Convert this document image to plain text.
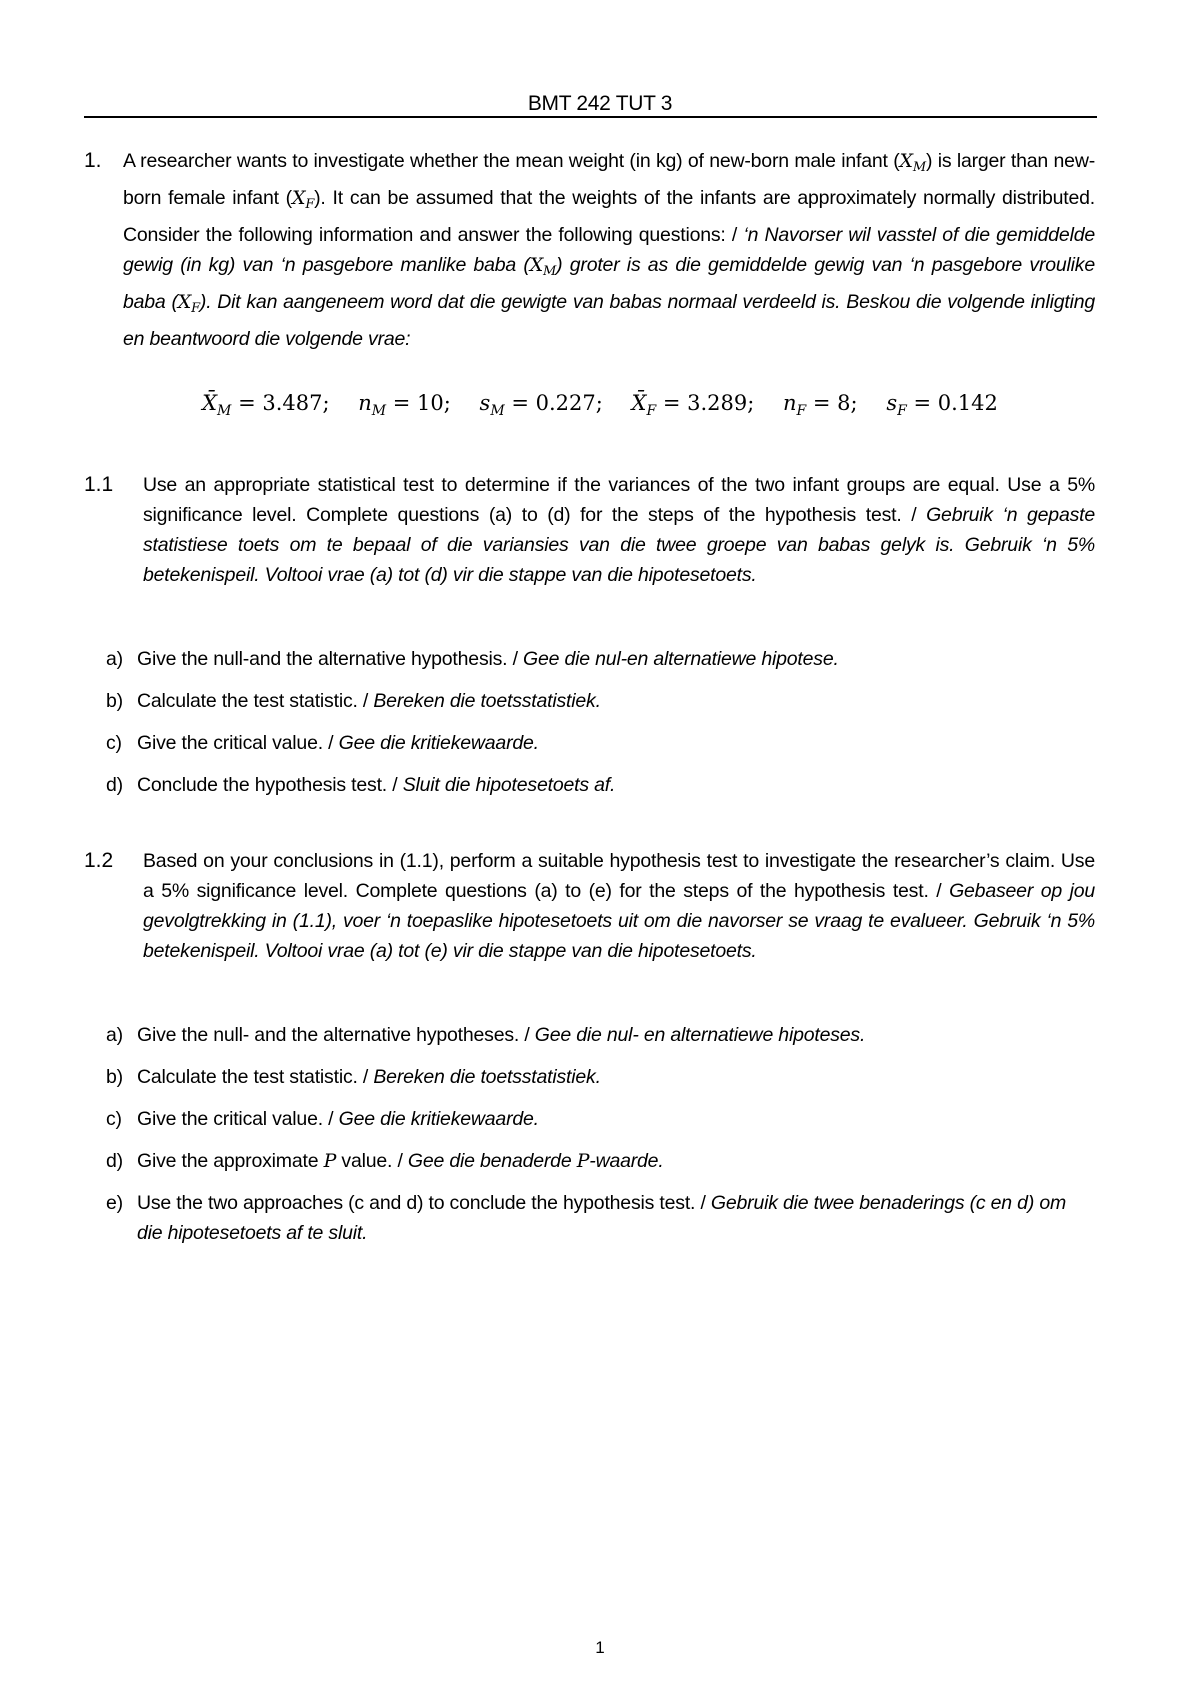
BMT 242 TUT 3
1. A researcher wants to investigate whether the mean weight (in kg) of new-born male infant $(X_M)$ is larger than new-born female infant $(X_F)$. It can be assumed that the weights of the infants are approximately normally distributed. Consider the following information and answer the following questions: / ‘n Navorser wil vasstel of die gemiddelde gewig (in kg) van ‘n pasgebore manlike baba $(X_M)$ groter is as die gemiddelde gewig van ‘n pasgebore vroulike baba $(X_F)$. Dit kan aangeneem word dat die gewigte van babas normaal verdeeld is. Beskou die volgende inligting en beantwoord die volgende vrae:
$X̄_M = 3.487$; $n_M = 10$; $s_M = 0.227$; $X̄_F = 3.289$; $n_F = 8$; $s_F = 0.142$
1.1 Use an appropriate statistical test to determine if the variances of the two infant groups are equal. Use a 5% significance level. Complete questions (a) to (d) for the steps of the hypothesis test. / Gebruik ‘n gepaste statistiese toets om te bepaal of die variansies van die twee groepe van babas gelyk is. Gebruik ‘n 5% betekenispeil. Voltooi vrae (a) tot (d) vir die stappe van die hipotesetoets.
a) Give the null-and the alternative hypothesis. / Gee die nul-en alternatiewe hipotese.
b) Calculate the test statistic. / Bereken die toetsstatistiek.
c) Give the critical value. / Gee die kritiekewaarde.
d) Conclude the hypothesis test. / Sluit die hipotesetoets af.
1.2 Based on your conclusions in (1.1), perform a suitable hypothesis test to investigate the researcher’s claim. Use a 5% significance level. Complete questions (a) to (e) for the steps of the hypothesis test. / Gebaseer op jou gevolgtrekking in (1.1), voer ‘n toepaslike hipotesetoets uit om die navorser se vraag te evalueer. Gebruik ‘n 5% betekenispeil. Voltooi vrae (a) tot (e) vir die stappe van die hipotesetoets.
a) Give the null- and the alternative hypotheses. / Gee die nul- en alternatiewe hipoteses.
b) Calculate the test statistic. / Bereken die toetsstatistiek.
c) Give the critical value. / Gee die kritiekewaarde.
d) Give the approximate P value. / Gee die benaderde P-waarde.
e) Use the two approaches (c and d) to conclude the hypothesis test. / Gebruik die twee benaderings (c en d) om die hipotesetoets af te sluit.
1
